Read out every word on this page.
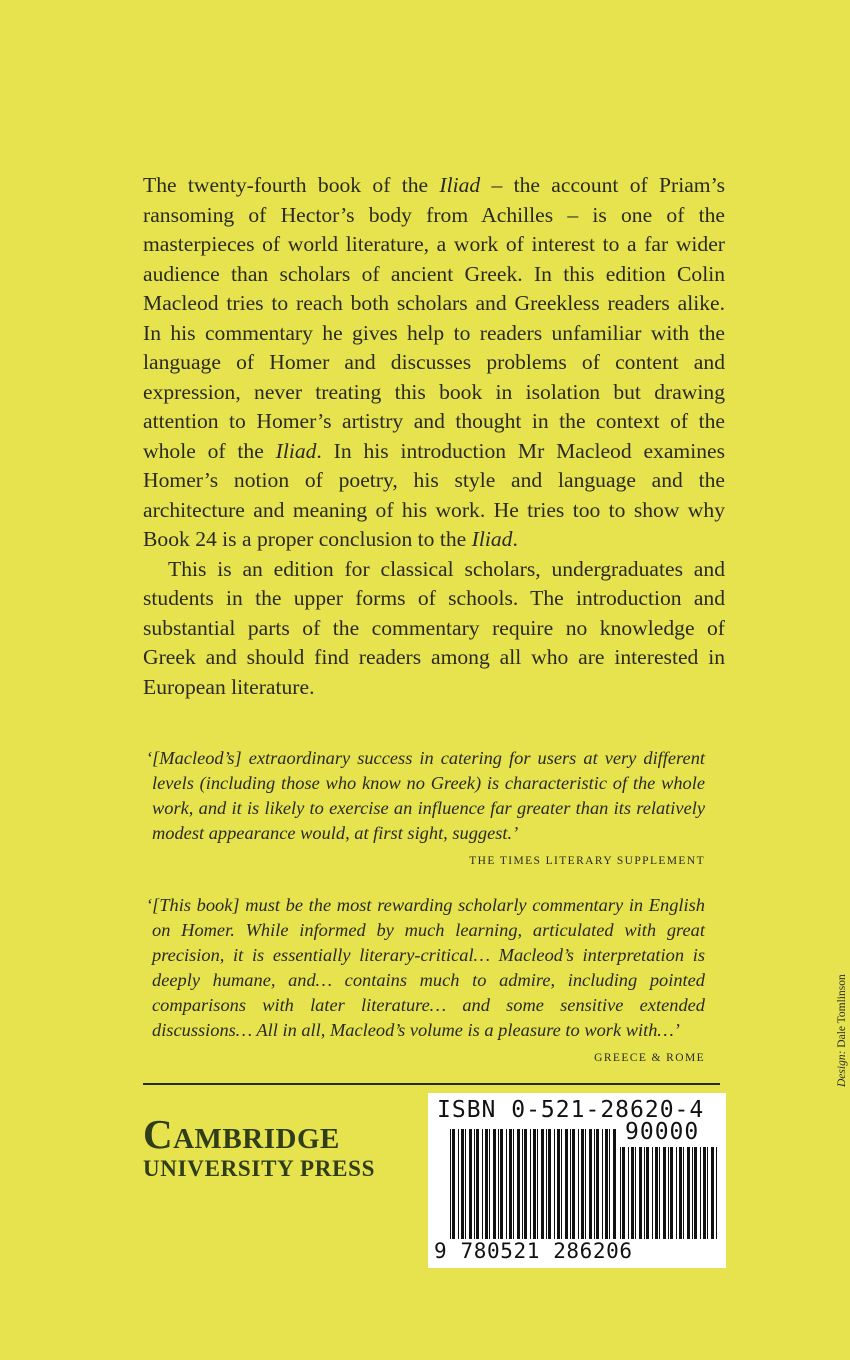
The twenty-fourth book of the Iliad – the account of Priam’s ransoming of Hector’s body from Achilles – is one of the masterpieces of world literature, a work of interest to a far wider audience than scholars of ancient Greek. In this edition Colin Macleod tries to reach both scholars and Greekless readers alike. In his commentary he gives help to readers unfamiliar with the language of Homer and discusses problems of content and expression, never treating this book in isolation but drawing attention to Homer’s artistry and thought in the context of the whole of the Iliad. In his introduction Mr Macleod examines Homer’s notion of poetry, his style and language and the architecture and meaning of his work. He tries too to show why Book 24 is a proper conclusion to the Iliad.

This is an edition for classical scholars, undergraduates and students in the upper forms of schools. The introduction and substantial parts of the commentary require no knowledge of Greek and should find readers among all who are interested in European literature.

‘[Macleod’s] extraordinary success in catering for users at very different levels (including those who know no Greek) is characteristic of the whole work, and it is likely to exercise an influence far greater than its relatively modest appearance would, at first sight, suggest.’
THE TIMES LITERARY SUPPLEMENT
‘[This book] must be the most rewarding scholarly commentary in English on Homer. While informed by much learning, articulated with great precision, it is essentially literary-critical… Macleod’s interpretation is deeply humane, and… contains much to admire, including pointed comparisons with later literature… and some sensitive extended discussions… All in all, Macleod’s volume is a pleasure to work with…’
GREECE & ROME
Cambridge
UNIVERSITY PRESS
ISBN 0-521-28620-4
90000
9 780521 286206
Design: Dale Tomlinson
